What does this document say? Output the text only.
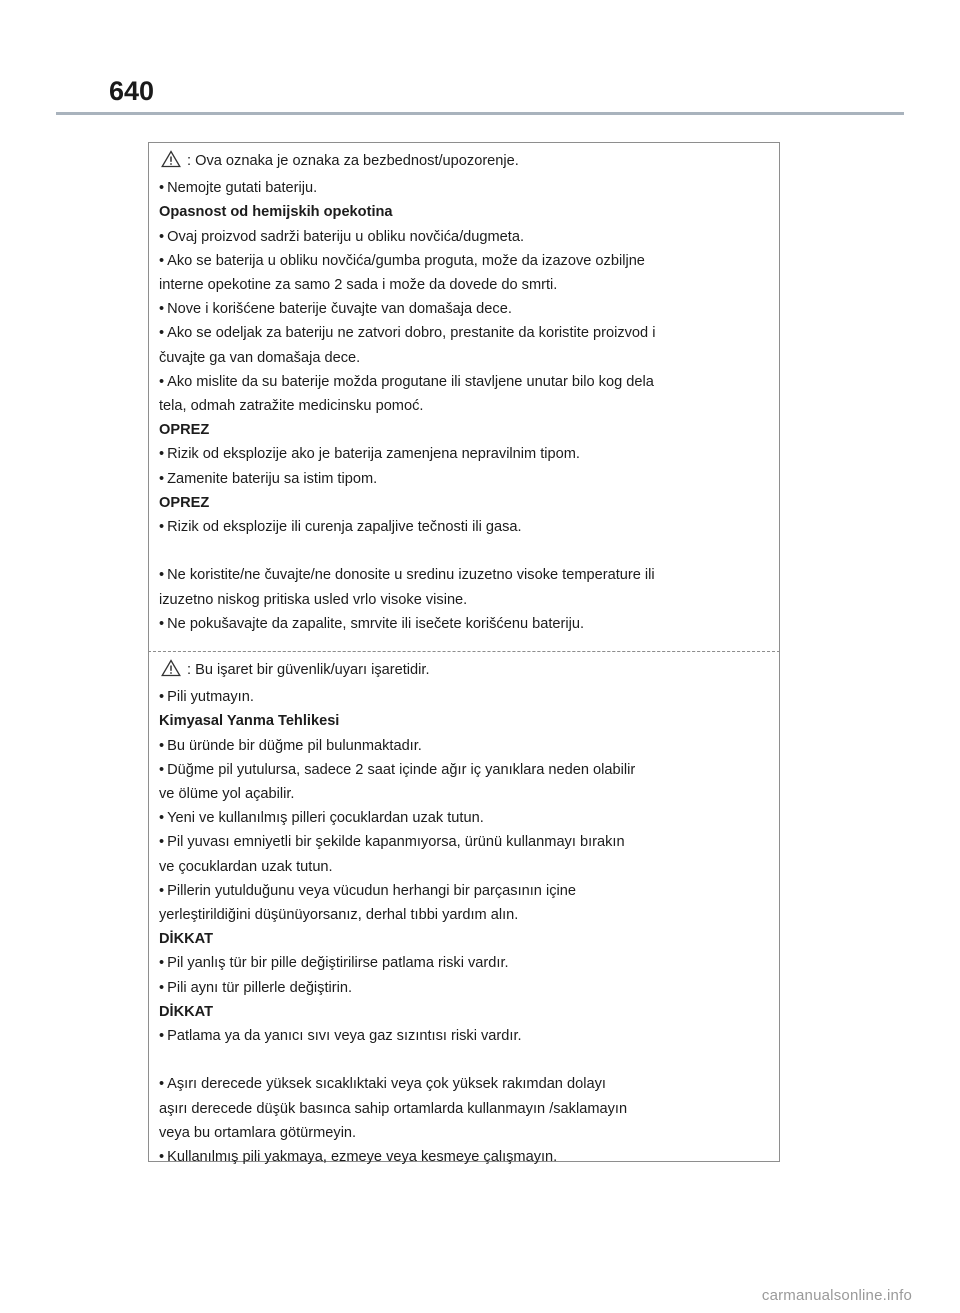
640
: Ova oznaka je oznaka za bezbednost/upozorenje.
• Nemojte gutati bateriju.
Opasnost od hemijskih opekotina
• Ovaj proizvod sadrži bateriju u obliku novčića/dugmeta.
• Ako se baterija u obliku novčića/gumba proguta, može da izazove ozbiljne
interne opekotine za samo 2 sada i može da dovede do smrti.
• Nove i korišćene baterije čuvajte van domašaja dece.
• Ako se odeljak za bateriju ne zatvori dobro, prestanite da koristite proizvod i
čuvajte ga van domašaja dece.
• Ako mislite da su baterije možda progutane ili stavljene unutar bilo kog dela
tela, odmah zatražite medicinsku pomoć.
OPREZ
• Rizik od eksplozije ako je baterija zamenjena nepravilnim tipom.
• Zamenite bateriju sa istim tipom.
OPREZ
• Rizik od eksplozije ili curenja zapaljive tečnosti ili gasa.
• Ne koristite/ne čuvajte/ne donosite u sredinu izuzetno visoke temperature ili
izuzetno niskog pritiska usled vrlo visoke visine.
• Ne pokušavajte da zapalite, smrvite ili isečete korišćenu bateriju.
: Bu işaret bir güvenlik/uyarı işaretidir.
• Pili yutmayın.
Kimyasal Yanma Tehlikesi
• Bu üründe bir düğme pil bulunmaktadır.
• Düğme pil yutulursa, sadece 2 saat içinde ağır iç yanıklara neden olabilir
ve ölüme yol açabilir.
• Yeni ve kullanılmış pilleri çocuklardan uzak tutun.
• Pil yuvası emniyetli bir şekilde kapanmıyorsa, ürünü kullanmayı bırakın
ve çocuklardan uzak tutun.
• Pillerin yutulduğunu veya vücudun herhangi bir parçasının içine
yerleştirildiğini düşünüyorsanız, derhal tıbbi yardım alın.
DİKKAT
• Pil yanlış tür bir pille değiştirilirse patlama riski vardır.
• Pili aynı tür pillerle değiştirin.
DİKKAT
• Patlama ya da yanıcı sıvı veya gaz sızıntısı riski vardır.
• Aşırı derecede yüksek sıcaklıktaki veya çok yüksek rakımdan dolayı
aşırı derecede düşük basınca sahip ortamlarda kullanmayın /saklamayın
veya bu ortamlara götürmeyin.
• Kullanılmış pili yakmaya, ezmeye veya kesmeye çalışmayın.
carmanualsonline.info
